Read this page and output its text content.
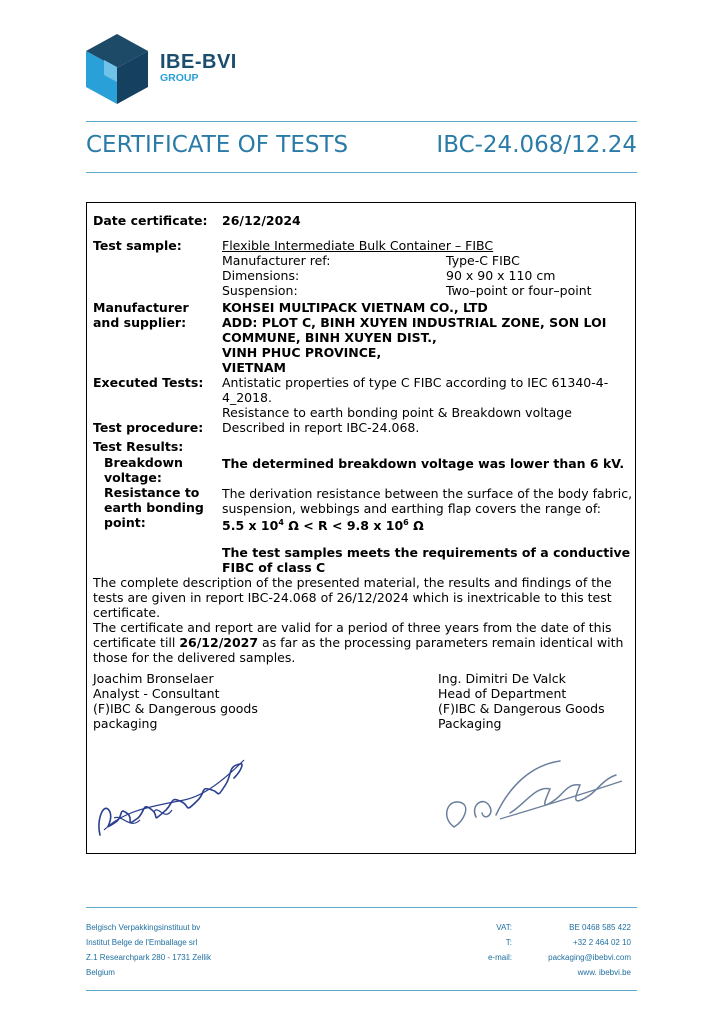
IBE-BVI
GROUP
CERTIFICATE OF TESTS	IBC-24.068/12.24
Date certificate: 26/12/2024
Test sample:	Flexible Intermediate Bulk Container – FIBC
Manufacturer ref:	Type-C FIBC
Dimensions:	90 x 90 x 110 cm
Suspension:	Two–point or four–point
Manufacturer
and supplier:
KOHSEI MULTIPACK VIETNAM CO., LTD
ADD: PLOT C, BINH XUYEN INDUSTRIAL ZONE, SON LOI
COMMUNE, BINH XUYEN DIST.,
VINH PHUC PROVINCE,
VIETNAM
Executed Tests: Antistatic properties of type C FIBC according to IEC 61340-4-
4_2018.
Resistance to earth bonding point & Breakdown voltage
Test procedure: Described in report IBC-24.068.
Test Results:
Breakdown
voltage:
The determined breakdown voltage was lower than 6 kV.
Resistance to
earth bonding
point:
The derivation resistance between the surface of the body fabric,
suspension, webbings and earthing flap covers the range of:
5.5 x $10^4$ Ω < R < 9.8 x $10^6$ Ω
The test samples meets the requirements of a conductive
FIBC of class C
The complete description of the presented material, the results and findings of the
tests are given in report IBC-24.068 of 26/12/2024 which is inextricable to this test
certificate.
The certificate and report are valid for a period of three years from the date of this
certificate till 26/12/2027 as far as the processing parameters remain identical with
those for the delivered samples.
Joachim Bronselaer
Analyst - Consultant
(F)IBC & Dangerous goods
packaging
Ing. Dimitri De Valck
Head of Department
(F)IBC & Dangerous Goods
Packaging
Belgisch Verpakkingsinstituut bv
Institut Belge de l'Emballage srl
Z.1 Researchpark 280 - 1731 Zellik
Belgium
VAT:
T:
e-mail:
BE 0468 585 422
+32 2 464 02 10
packaging@ibebvi.com
www. ibebvi.be
